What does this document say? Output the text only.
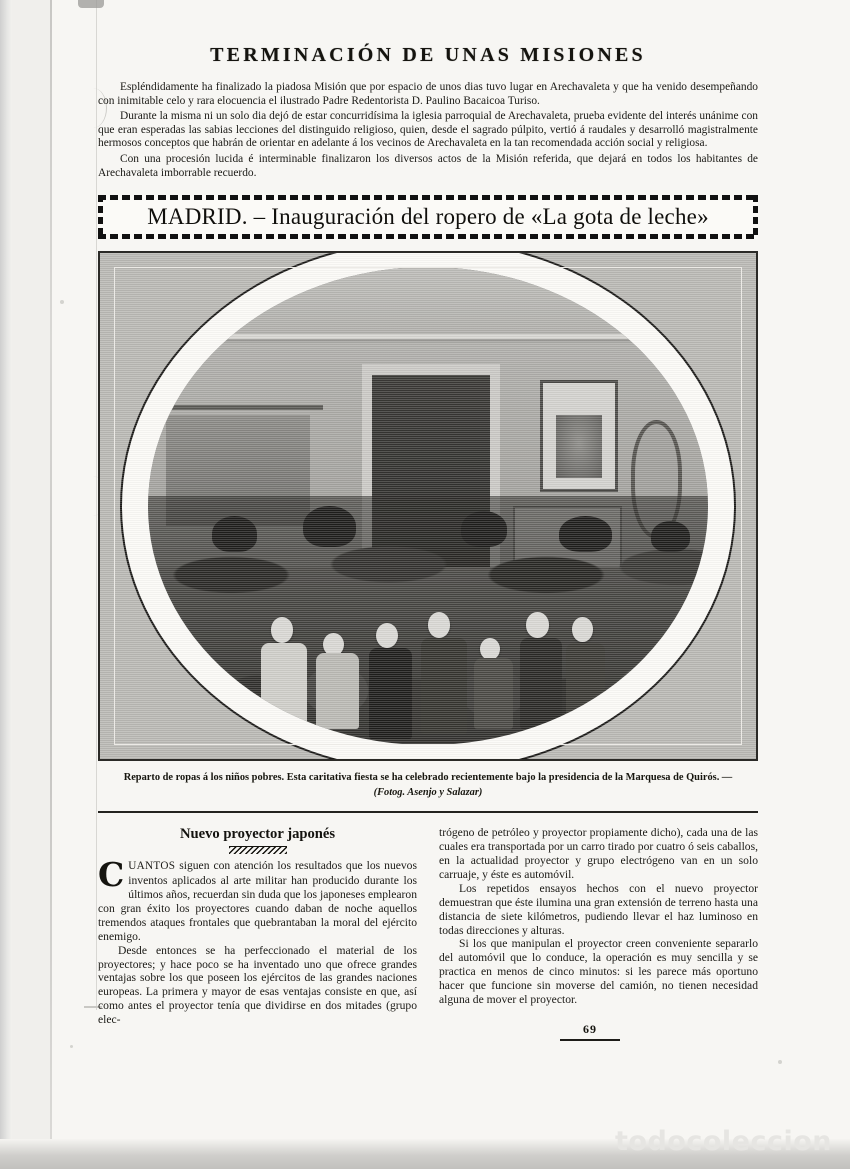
TERMINACIÓN DE UNAS MISIONES

Espléndidamente ha finalizado la piadosa Misión que por espacio de unos dias tuvo lugar en Arechavaleta y que ha venido desempeñando con inimitable celo y rara elocuencia el ilustrado Padre Redentorista D. Paulino Bacaicoa Turiso.

Durante la misma ni un solo dia dejó de estar concurridísima la iglesia parroquial de Arechavaleta, prueba evidente del interés unánime con que eran esperadas las sabias lecciones del distinguido religioso, quien, desde el sagrado púlpito, vertió á raudales y desarrolló magistralmente hermosos conceptos que habrán de orientar en adelante á los vecinos de Arechavaleta en la tan recomendada acción social y religiosa.

Con una procesión lucida é interminable finalizaron los diversos actos de la Misión referida, que dejará en todos los habitantes de Arechavaleta imborrable recuerdo.

MADRID. – Inauguración del ropero de «La gota de leche»
Reparto de ropas á los niños pobres. Esta caritativa fiesta se ha celebrado recientemente bajo la presidencia de la Marquesa de Quirós. —(Fotog. Asenjo y Salazar)
Nuevo proyector japonés

CUANTOS siguen con atención los resultados que los nuevos inventos aplicados al arte militar han producido durante los últimos años, recuerdan sin duda que los japoneses emplearon con gran éxito los proyectores cuando daban de noche aquellos tremendos ataques frontales que quebrantaban la moral del ejército enemigo.

Desde entonces se ha perfeccionado el material de los proyectores; y hace poco se ha inventado uno que ofrece grandes ventajas sobre los que poseen los ejércitos de las grandes naciones europeas. La primera y mayor de esas ventajas consiste en que, así como antes el proyector tenía que dividirse en dos mitades (grupo elec-

trógeno de petróleo y proyector propiamente dicho), cada una de las cuales era transportada por un carro tirado por cuatro ó seis caballos, en la actualidad proyector y grupo electrógeno van en un solo carruaje, y éste es automóvil.

Los repetidos ensayos hechos con el nuevo proyector demuestran que éste ilumina una gran extensión de terreno hasta una distancia de siete kilómetros, pudiendo llevar el haz luminoso en todas direcciones y alturas.

Si los que manipulan el proyector creen conveniente separarlo del automóvil que lo conduce, la operación es muy sencilla y se practica en menos de cinco minutos: si les parece más oportuno hacer que funcione sin moverse del camión, no tienen necesidad alguna de mover el proyector.

69
todocoleccion
